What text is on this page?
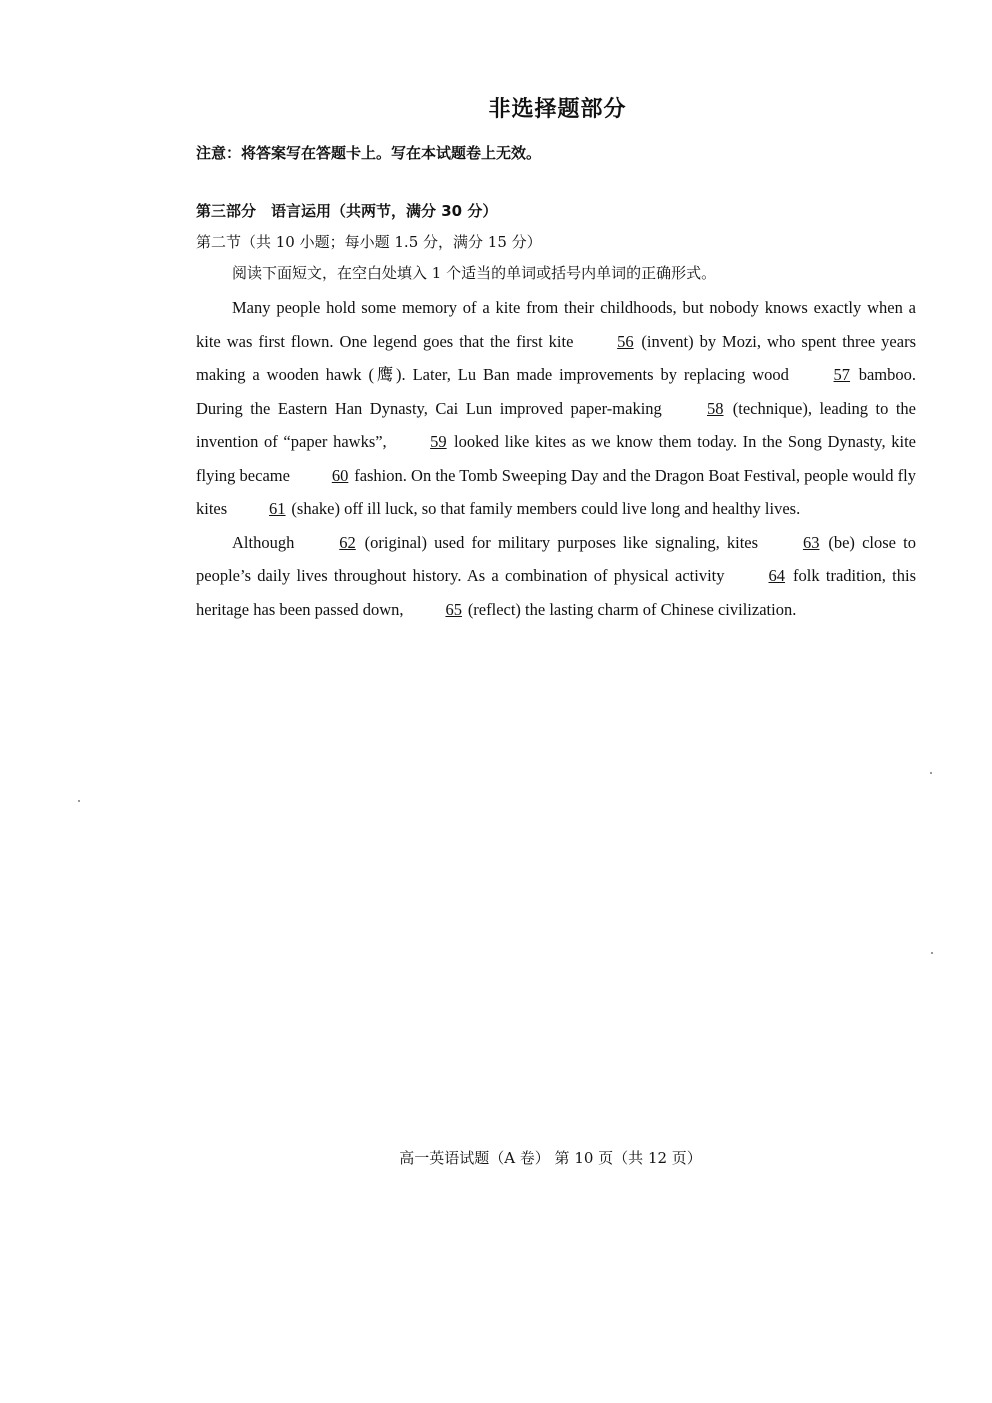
非选择题部分
注意：将答案写在答题卡上。写在本试题卷上无效。
第三部分　语言运用（共两节，满分 30 分）
第二节（共 10 小题；每小题 1.5 分，满分 15 分）
阅读下面短文，在空白处填入 1 个适当的单词或括号内单词的正确形式。

Many people hold some memory of a kite from their childhoods, but nobody knows exactly when a kite was first flown. One legend goes that the first kite 56 (invent) by Mozi, who spent three years making a wooden hawk (鹰). Later, Lu Ban made improvements by replacing wood 57 bamboo. During the Eastern Han Dynasty, Cai Lun improved paper-making 58 (technique), leading to the invention of “paper hawks”, 59 looked like kites as we know them today. In the Song Dynasty, kite flying became 60 fashion. On the Tomb Sweeping Day and the Dragon Boat Festival, people would fly kites 61 (shake) off ill luck, so that family members could live long and healthy lives.

Although 62 (original) used for military purposes like signaling, kites 63 (be) close to people’s daily lives throughout history. As a combination of physical activity 64 folk tradition, this heritage has been passed down, 65 (reflect) the lasting charm of Chinese civilization.

高一英语试题（A 卷） 第 10 页（共 12 页）
